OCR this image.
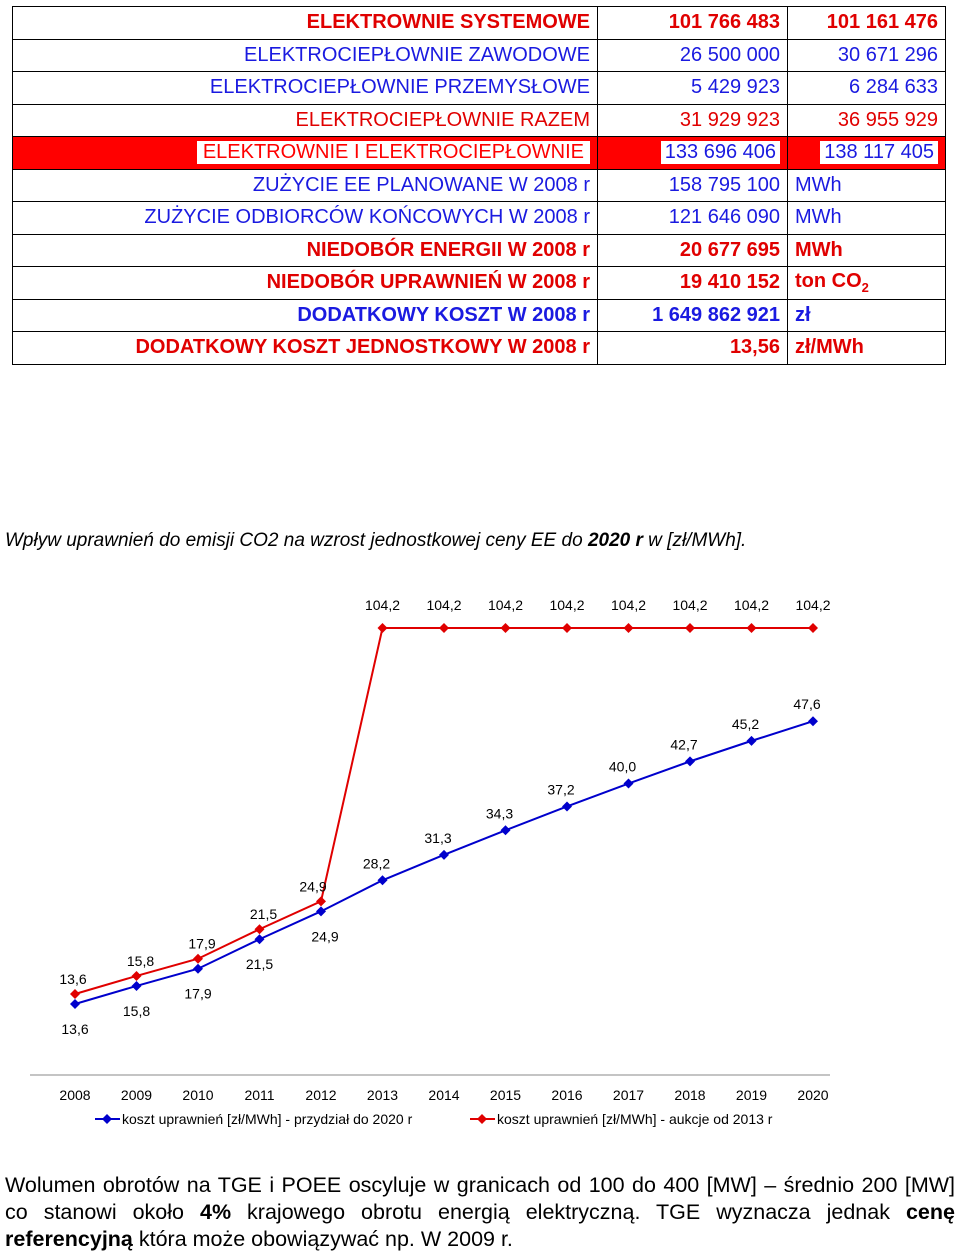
ELEKTROWNIE SYSTEMOWE	101 766 483	101 161 476
ELEKTROCIEPŁOWNIE ZAWODOWE	26 500 000	30 671 296
ELEKTROCIEPŁOWNIE PRZEMYSŁOWE	5 429 923	6 284 633
ELEKTROCIEPŁOWNIE RAZEM	31 929 923	36 955 929
ELEKTROWNIE I ELEKTROCIEPŁOWNIE	133 696 406	138 117 405
ZUŻYCIE EE PLANOWANE W 2008 r	158 795 100	MWh
ZUŻYCIE ODBIORCÓW KOŃCOWYCH W 2008 r	121 646 090	MWh
NIEDOBÓR ENERGII W 2008 r	20 677 695	MWh
NIEDOBÓR UPRAWNIEŃ W 2008 r	19 410 152	ton $CO_2$
DODATKOWY KOSZT W 2008 r	1 649 862 921	zł
DODATKOWY KOSZT JEDNOSTKOWY W 2008 r	13,56	zł/MWh
Wpływ uprawnień do emisji CO2 na wzrost jednostkowej ceny EE do 2020 r w [zł/MWh].
13,6
15,8
17,9
21,5
24,9
104,2 104,2 104,2 104,2 104,2 104,2 104,2 104,2
13,6
15,8
17,9
21,5
24,9
28,2
31,3
34,3
37,2
40,0
42,7
45,2
47,6
2008 2009 2010 2011 2012 2013 2014 2015 2016 2017 2018 2019 2020
koszt uprawnień [zł/MWh] - przydział do 2020 r	koszt uprawnień [zł/MWh] - aukcje od 2013 r
Wolumen obrotów na TGE i POEE oscyluje w granicach od 100 do 400 [MW] – średnio 200 [MW] co stanowi około 4% krajowego obrotu energią elektryczną. TGE wyznacza jednak cenę referencyjną która może obowiązywać np. W 2009 r.
